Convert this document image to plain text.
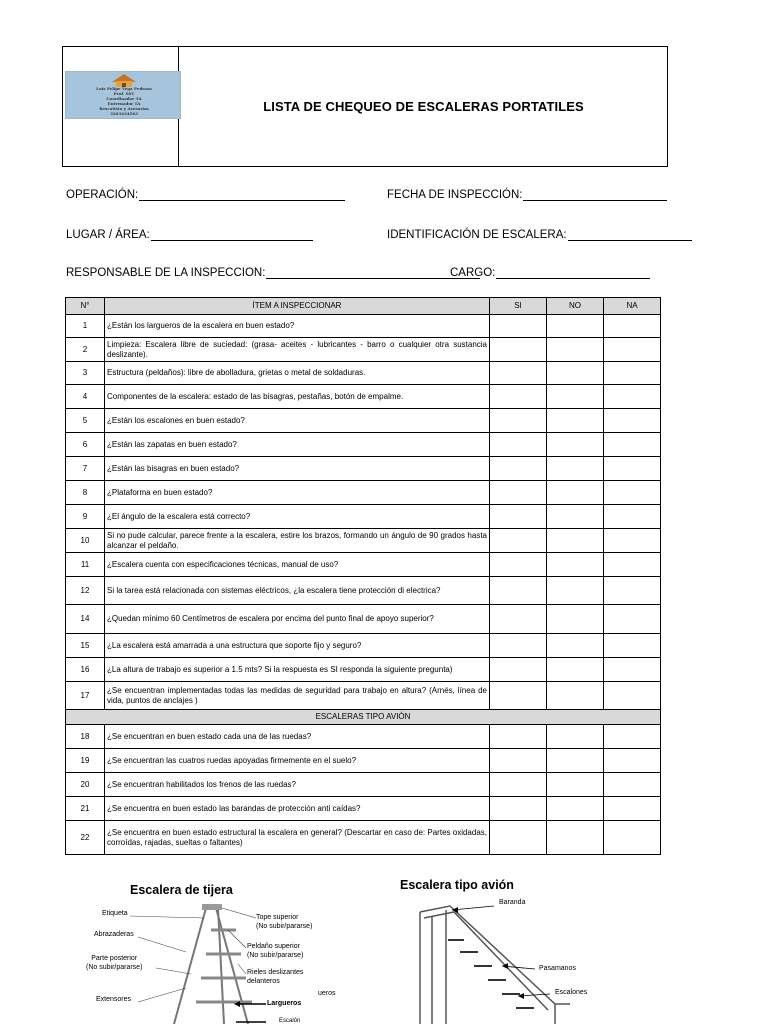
Luis Felipe Vega Pedraza
Prof. SST
Coordinador TA
Entrenador TA
Rescatista y Asesorías
3203434563	LISTA DE CHEQUEO DE ESCALERAS PORTATILES
OPERACIÓN:	FECHA DE INSPECCIÓN:
LUGAR / ÁREA:	IDENTIFICACIÓN DE ESCALERA:
RESPONSABLE DE LA INSPECCION:	CARGO:
N°	ÍTEM A INSPECCIONAR	SI	NO	NA
1	¿Están los largueros de la escalera en buen estado?			
2	Limpieza: Escalera libre de suciedad: (grasa- aceites - lubricantes - barro o cualquier otra sustancia deslizante).			
3	Estructura (peldaños): libre de abolladura, grietas o metal de soldaduras.			
4	Componentes de la escalera: estado de las bisagras, pestañas, botón de empalme.			
5	¿Están los escalones en buen estado?			
6	¿Están las zapatas en buen estado?			
7	¿Están las bisagras en buen estado?			
8	¿Plataforma en buen estado?			
9	¿El ángulo de la escalera está correcto?			
10	Si no pude calcular, parece frente a la escalera, estire los brazos, formando un ángulo de 90 grados hasta alcanzar el peldaño.			
11	¿Escalera cuenta con especificaciones técnicas, manual de uso?			
12	Si la tarea está relacionada con sistemas eléctricos, ¿la escalera tiene protección di electrica?			
14	¿Quedan mínimo 60 Centímetros de escalera por encima del punto final de apoyo superior?			
15	¿La escalera está amarrada a una estructura que soporte fijo y seguro?			
16	¿La altura de trabajo es superior a 1.5 mts? Si la respuesta es SI responda la siguiente pregunta)			
17	¿Se encuentran implementadas todas las medidas de seguridad para trabajo en altura? (Arnés, línea de vida, puntos de anclajes )			
ESCALERAS TIPO AVIÓN				
18	¿Se encuentran en buen estado cada una de las ruedas?			
19	¿Se encuentran las cuatros ruedas apoyadas firmemente en el suelo?			
20	¿Se encuentran habilitados los frenos de las ruedas?			
21	¿Se encuentra en buen estado las barandas de protección anti caídas?			
22	¿Se encuentra en buen estado estructural la escalera en general? (Descartar en caso de: Partes oxidadas, corroídas, rajadas, sueltas o faltantes)			
Escalera de tijera
Etiqueta
Abrazaderas
Parte posterior
(No subir/pararse)
Extensores
Tope superior
(No subir/pararse)
Peldaño superior
(No subir/pararse)
Rieles deslizantes
delanteros
ueros
Largueros
Escalón
Escalera tipo avión
Baranda
Pasamanos
Escalones
